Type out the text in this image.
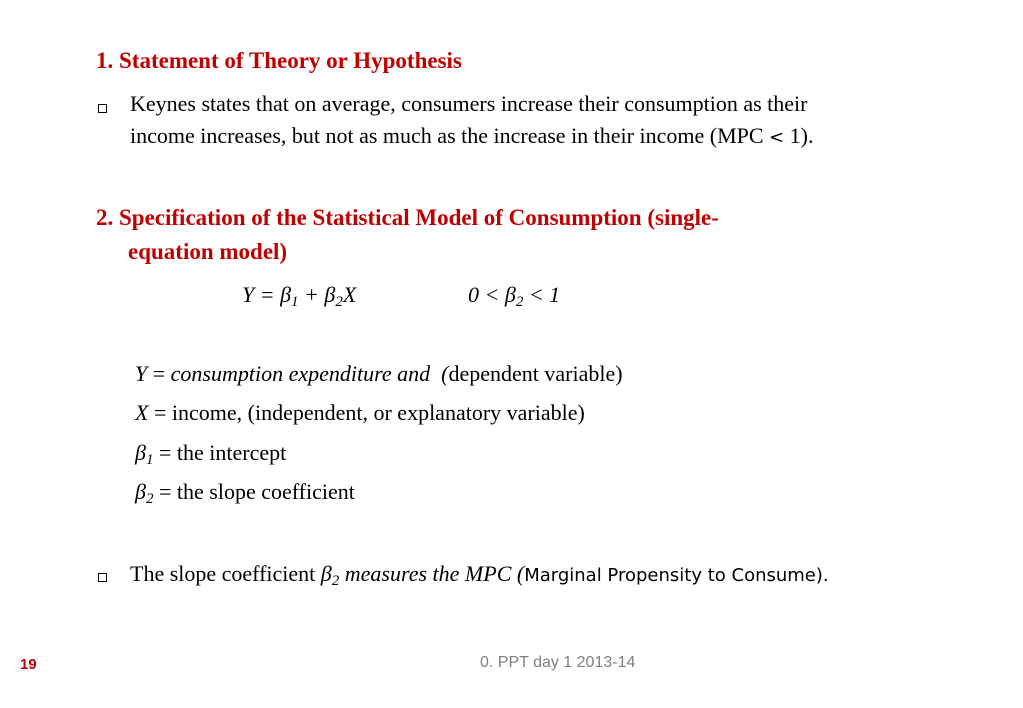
1. Statement of Theory or Hypothesis
Keynes states that on average, consumers increase their consumption as their
income increases, but not as much as the increase in their income (MPC < 1).
2. Specification of the Statistical Model of Consumption (single-
equation model)
$Y = \beta_1 + \beta_2X$	$0 < \beta_2 < 1$
Y = consumption expenditure and  (dependent variable)
X = income, (independent, or explanatory variable)
$\beta_1$ = the intercept
$\beta_2$ = the slope coefficient
The slope coefficient $\beta_2$ measures the MPC (Marginal Propensity to Consume).
19	0. PPT day 1 2013-14
